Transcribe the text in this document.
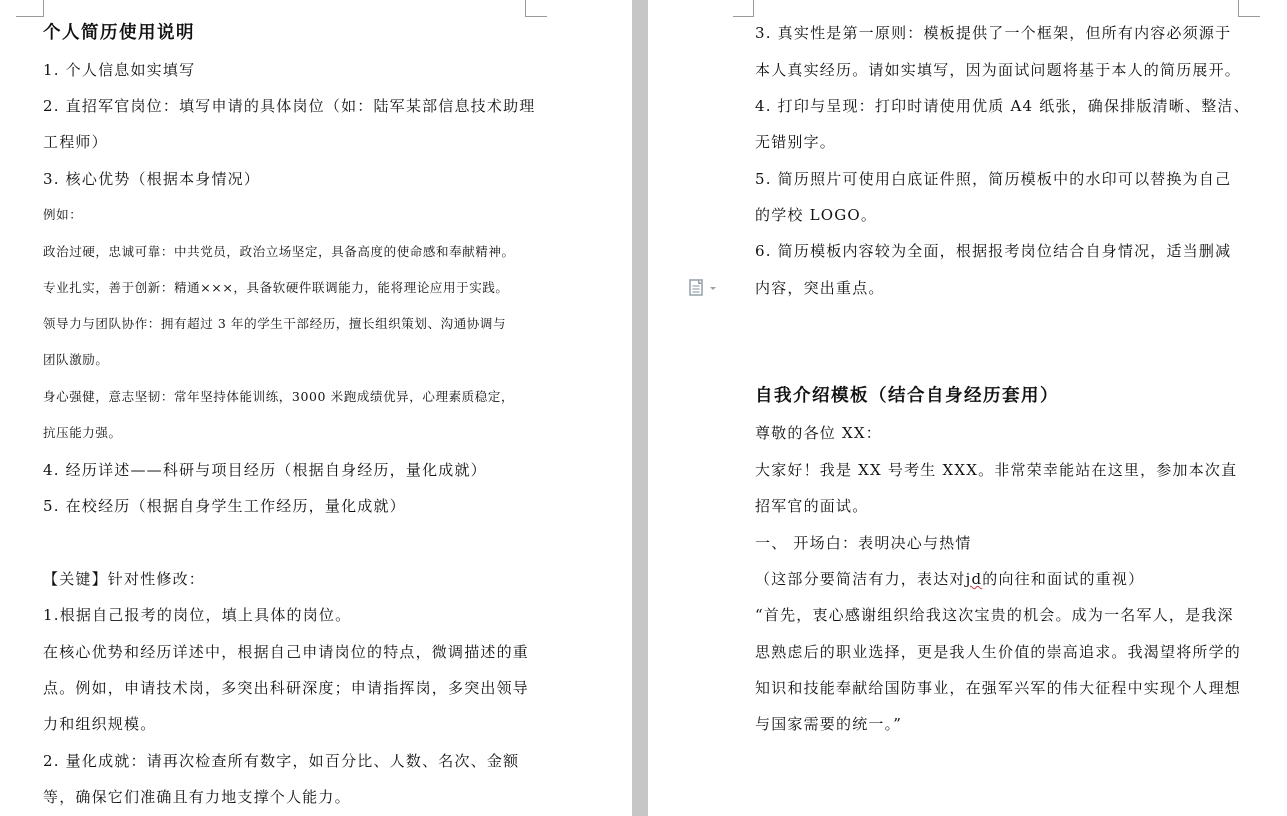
个人简历使用说明
1. 个人信息如实填写
2. 直招军官岗位：填写申请的具体岗位（如：陆军某部信息技术助理
工程师）
3. 核心优势（根据本身情况）
例如：
政治过硬，忠诚可靠：中共党员，政治立场坚定，具备高度的使命感和奉献精神。
专业扎实，善于创新：精通×××，具备软硬件联调能力，能将理论应用于实践。
领导力与团队协作：拥有超过 3 年的学生干部经历，擅长组织策划、沟通协调与
团队激励。
身心强健，意志坚韧：常年坚持体能训练，3000 米跑成绩优异，心理素质稳定，
抗压能力强。
4. 经历详述——科研与项目经历（根据自身经历，量化成就）
5. 在校经历（根据自身学生工作经历，量化成就）
【关键】针对性修改：
1.根据自己报考的岗位，填上具体的岗位。
在核心优势和经历详述中，根据自己申请岗位的特点，微调描述的重
点。例如，申请技术岗，多突出科研深度；申请指挥岗，多突出领导
力和组织规模。
2. 量化成就：请再次检查所有数字，如百分比、人数、名次、金额
等，确保它们准确且有力地支撑个人能力。
3. 真实性是第一原则：模板提供了一个框架，但所有内容必须源于
本人真实经历。请如实填写，因为面试问题将基于本人的简历展开。
4. 打印与呈现：打印时请使用优质 A4 纸张，确保排版清晰、整洁、
无错别字。
5. 简历照片可使用白底证件照，简历模板中的水印可以替换为自己
的学校 LOGO。
6. 简历模板内容较为全面，根据报考岗位结合自身情况，适当删减
内容，突出重点。
自我介绍模板（结合自身经历套用）
尊敬的各位 XX：
大家好！我是 XX 号考生 XXX。非常荣幸能站在这里，参加本次直
招军官的面试。
一、 开场白：表明决心与热情
（这部分要简洁有力，表达对jd的向往和面试的重视）
“首先，衷心感谢组织给我这次宝贵的机会。成为一名军人，是我深
思熟虑后的职业选择，更是我人生价值的崇高追求。我渴望将所学的
知识和技能奉献给国防事业，在强军兴军的伟大征程中实现个人理想
与国家需要的统一。”
